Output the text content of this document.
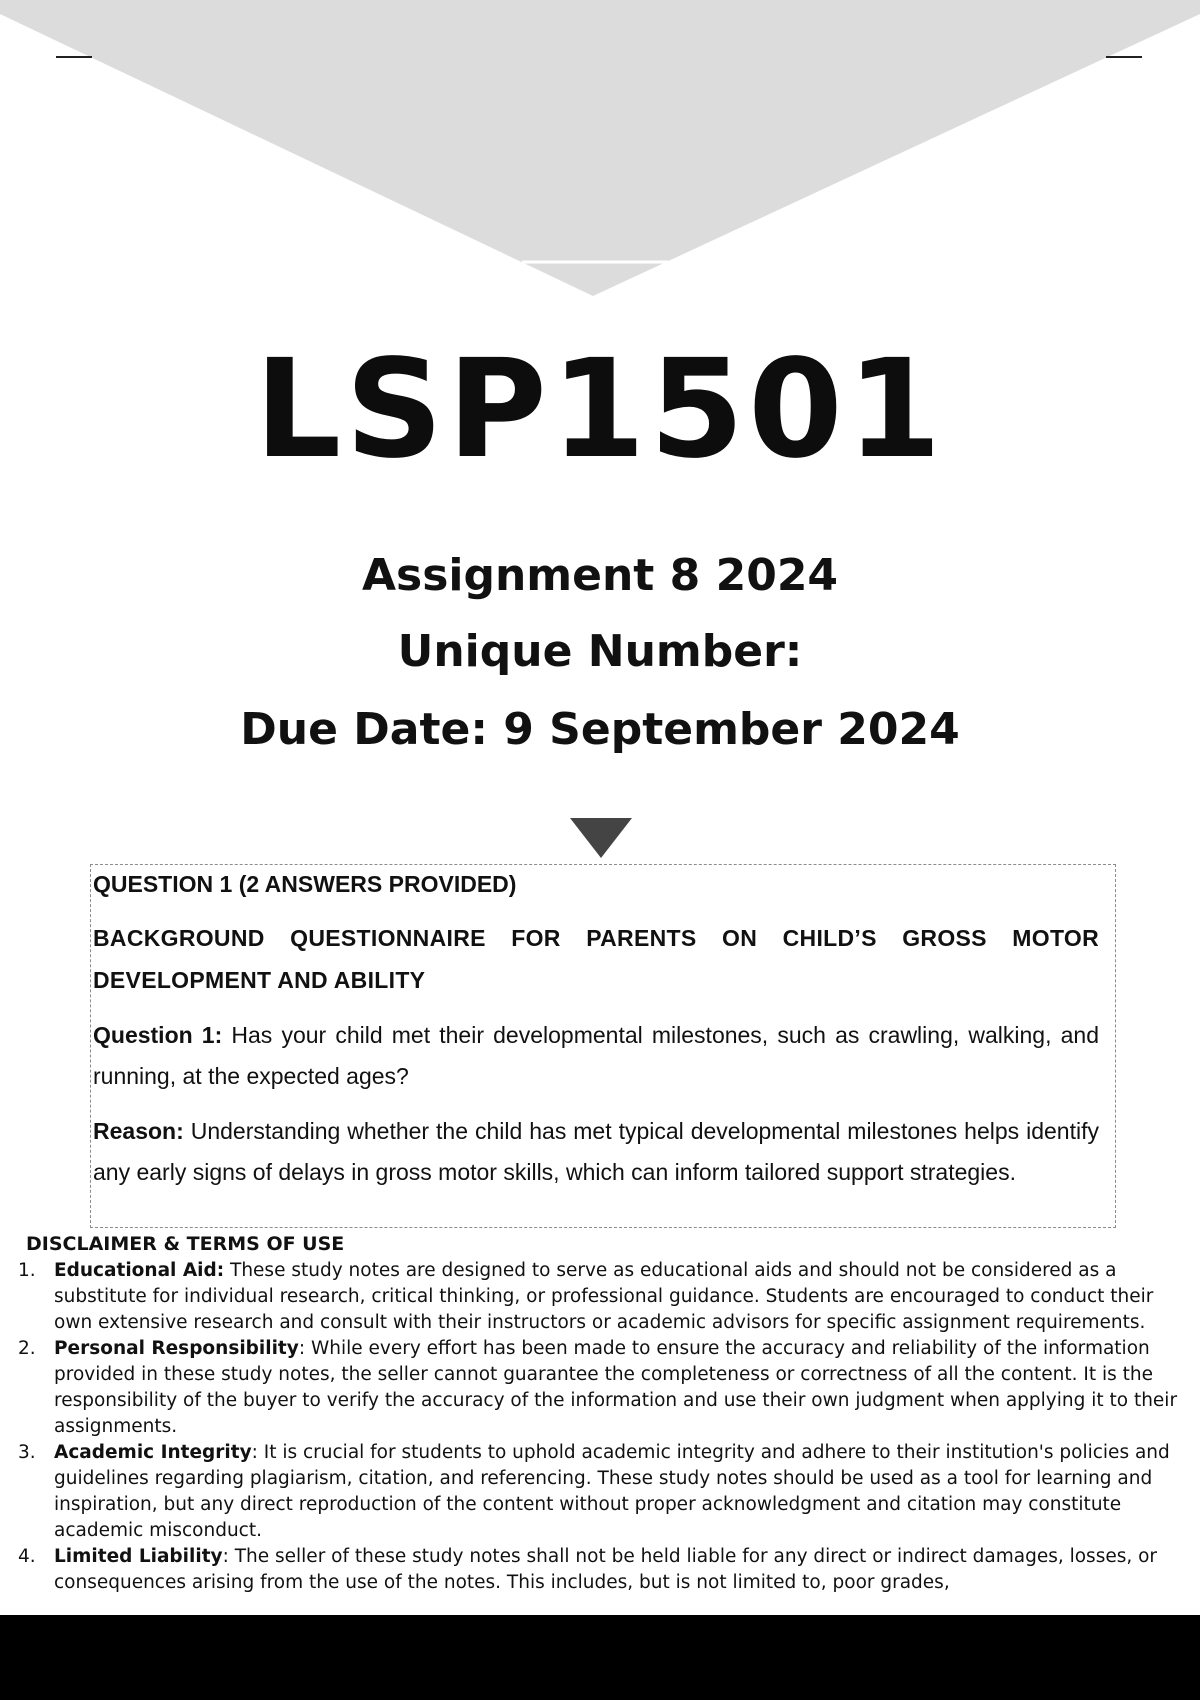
LSP1501
Assignment 8 2024
Unique Number:
Due Date: 9 September 2024

QUESTION 1 (2 ANSWERS PROVIDED)

BACKGROUND QUESTIONNAIRE FOR PARENTS ON CHILD’S GROSS MOTOR DEVELOPMENT AND ABILITY

Question 1: Has your child met their developmental milestones, such as crawling, walking, and running, at the expected ages?

Reason: Understanding whether the child has met typical developmental milestones helps identify any early signs of delays in gross motor skills, which can inform tailored support strategies.

DISCLAIMER & TERMS OF USE

1. Educational Aid: These study notes are designed to serve as educational aids and should not be considered as a substitute for individual research, critical thinking, or professional guidance. Students are encouraged to conduct their own extensive research and consult with their instructors or academic advisors for specific assignment requirements.

2. Personal Responsibility: While every effort has been made to ensure the accuracy and reliability of the information provided in these study notes, the seller cannot guarantee the completeness or correctness of all the content. It is the responsibility of the buyer to verify the accuracy of the information and use their own judgment when applying it to their assignments.

3. Academic Integrity: It is crucial for students to uphold academic integrity and adhere to their institution's policies and guidelines regarding plagiarism, citation, and referencing. These study notes should be used as a tool for learning and inspiration, but any direct reproduction of the content without proper acknowledgment and citation may constitute academic misconduct.

4. Limited Liability: The seller of these study notes shall not be held liable for any direct or indirect damages, losses, or consequences arising from the use of the notes. This includes, but is not limited to, poor grades,
